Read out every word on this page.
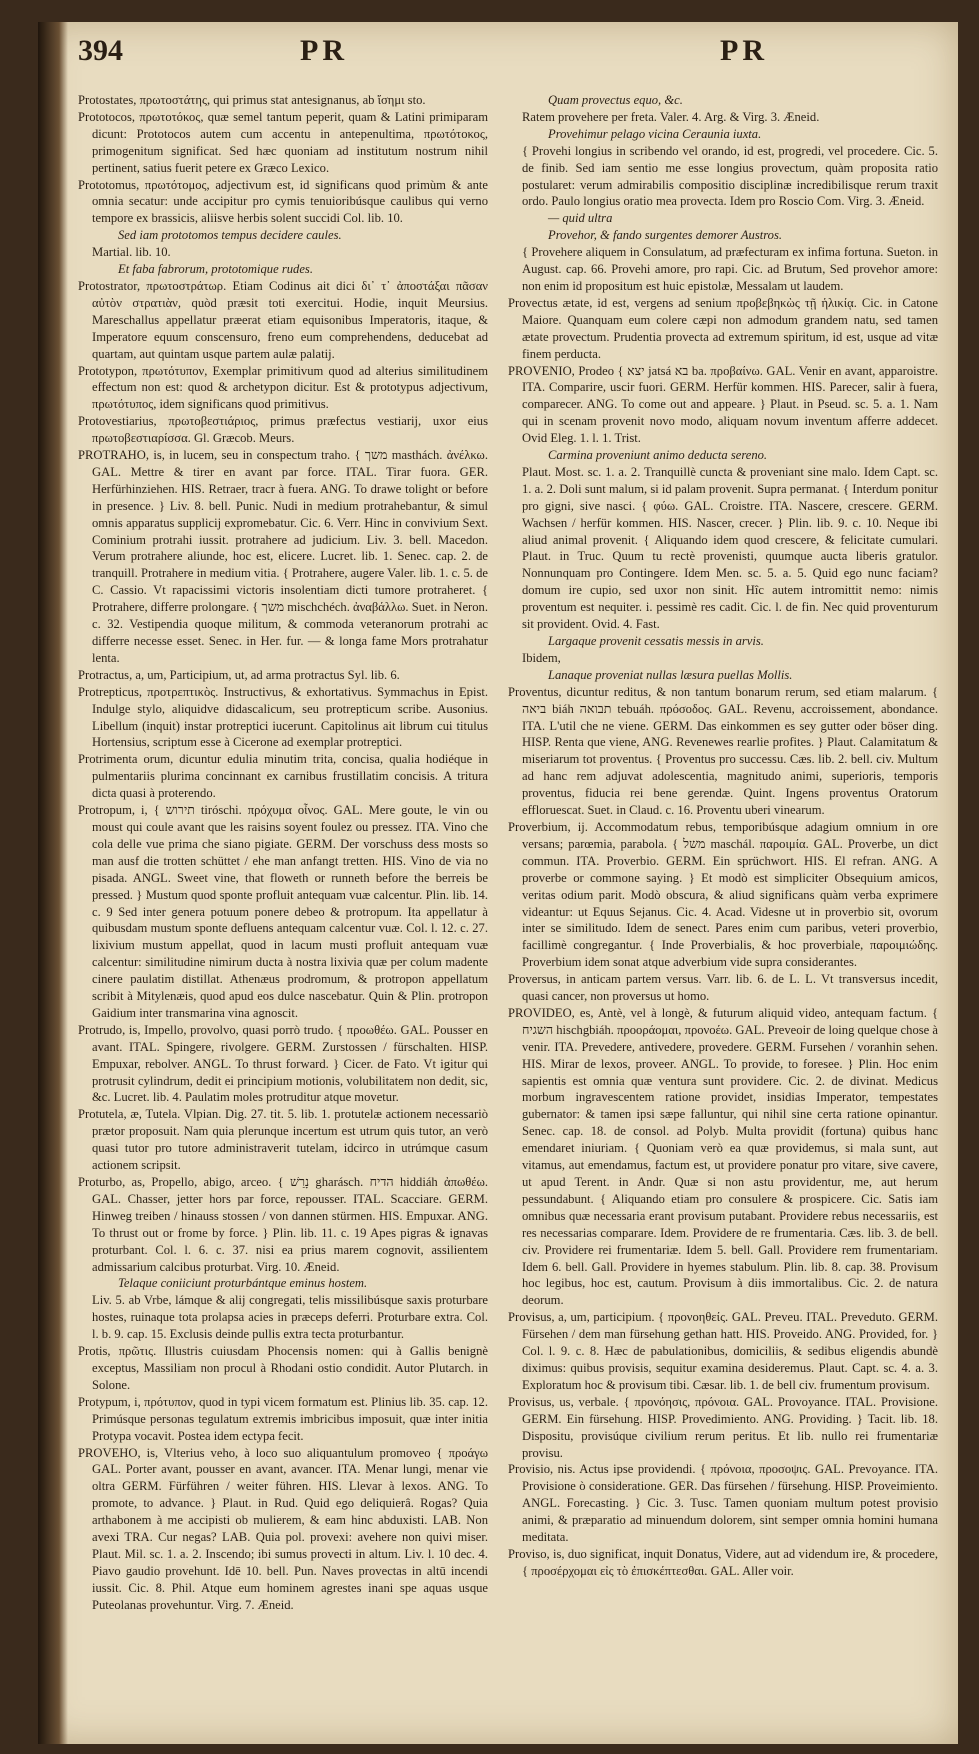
394	PR	PR

Protostates, πρωτοστάτης, qui primus stat antesignanus, ab ἵσημι sto.

Prototocos, πρωτοτόκος, quæ semel tantum peperit, quam & Latini primiparam dicunt: Prototocos autem cum accentu in antepenultima, πρωτότοκος, primogenitum significat. Sed hæc quoniam ad institutum nostrum nihil pertinent, satius fuerit petere ex Græco Lexico.

Prototomus, πρωτότομος, adjectivum est, id significans quod primùm & ante omnia secatur: unde accipitur pro cymis tenuioribúsque caulibus qui verno tempore ex brassicis, aliisve herbis solent succidi Col. lib. 10.

Sed iam prototomos tempus decidere caules.

Martial. lib. 10.

Et faba fabrorum, prototomique rudes.

Protostrator, πρωτοστράτωρ. Etiam Codinus ait dici δι᾽ τ᾽ ἀποστάξαι πᾶσαν αὐτὸν στρατιὰν, quòd præsit toti exercitui. Hodie, inquit Meursius. Mareschallus appellatur præerat etiam equisonibus Imperatoris, itaque, & Imperatore equum conscensuro, freno eum comprehendens, deducebat ad quartam, aut quintam usque partem aulæ palatij.

Prototypon, πρωτότυπον, Exemplar primitivum quod ad alterius similitudinem effectum non est: quod & archetypon dicitur. Est & prototypus adjectivum, πρωτότυπος, idem significans quod primitivus.

Protovestiarius, πρωτοβεστιάριος, primus præfectus vestiarij, uxor eius πρωτοβεστιαρίσσα. Gl. Græcob. Meurs.

PROTRAHO, is, in lucem, seu in conspectum traho. { משך masthách. ἀνέλκω. GAL. Mettre & tirer en avant par force. ITAL. Tirar fuora. GER. Herfürhinziehen. HIS. Retraer, tracr à fuera. ANG. To drawe tolight or before in presence. } Liv. 8. bell. Punic. Nudi in medium protrahebantur, & simul omnis apparatus supplicij expromebatur. Cic. 6. Verr. Hinc in convivium Sext. Cominium protrahi iussit. protrahere ad judicium. Liv. 3. bell. Macedon. Verum protrahere aliunde, hoc est, elicere. Lucret. lib. 1. Senec. cap. 2. de tranquill. Protrahere in medium vitia. { Protrahere, augere Valer. lib. 1. c. 5. de C. Cassio. Vt rapacissimi victoris insolentiam dicti tumore protraheret. { Protrahere, differre prolongare. { משך mischchéch. ἀναβάλλω. Suet. in Neron. c. 32. Vestipendia quoque militum, & commoda veteranorum protrahi ac differre necesse esset. Senec. in Her. fur. — & longa fame Mors protrahatur lenta.

Protractus, a, um, Participium, ut, ad arma protractus Syl. lib. 6.

Protrepticus, προτρεπτικὸς. Instructivus, & exhortativus. Symmachus in Epist. Indulge stylo, aliquidve didascalicum, seu protrepticum scribe. Ausonius. Libellum (inquit) instar protreptici iucerunt. Capitolinus ait librum cui titulus Hortensius, scriptum esse à Cicerone ad exemplar protreptici.

Protrimenta orum, dicuntur edulia minutim trita, concisa, qualia hodiéque in pulmentariis plurima concinnant ex carnibus frustillatim concisis. A tritura dicta quasi à proterendo.

Protropum, i, { תירוש tiróschi. πρόχυμα οἶνος. GAL. Mere goute, le vin ou moust qui coule avant que les raisins soyent foulez ou pressez. ITA. Vino che cola delle vue prima che siano pigiate. GERM. Der vorschuss dess mosts so man ausf die trotten schüttet / ehe man anfangt tretten. HIS. Vino de via no pisada. ANGL. Sweet vine, that floweth or runneth before the berreis be pressed. } Mustum quod sponte profluit antequam vuæ calcentur. Plin. lib. 14. c. 9 Sed inter genera potuum ponere debeo & protropum. Ita appellatur à quibusdam mustum sponte defluens antequam calcentur vuæ. Col. l. 12. c. 27. lixivium mustum appellat, quod in lacum musti profluit antequam vuæ calcentur: similitudine nimirum ducta à nostra lixivia quæ per colum madente cinere paulatim distillat. Athenæus prodromum, & protropon appellatum scribit à Mitylenæis, quod apud eos dulce nascebatur. Quin & Plin. protropon Gaidium inter transmarina vina agnoscit.

Protrudo, is, Impello, provolvo, quasi porrò trudo. { προωθέω. GAL. Pousser en avant. ITAL. Spingere, rivolgere. GERM. Zurstossen / fürschalten. HISP. Empuxar, rebolver. ANGL. To thrust forward. } Cicer. de Fato. Vt igitur qui protrusit cylindrum, dedit ei principium motionis, volubilitatem non dedit, sic, &c. Lucret. lib. 4. Paulatim moles protruditur atque movetur.

Protutela, æ, Tutela. Vlpian. Dig. 27. tit. 5. lib. 1. protutelæ actionem necessariò prætor proposuit. Nam quia plerunque incertum est utrum quis tutor, an verò quasi tutor pro tutore administraverit tutelam, idcirco in utrúmque casum actionem scripsit.

Proturbo, as, Propello, abigo, arceo. { נָרַשׁ gharásch. הדיח hiddiáh ἀπωθέω. GAL. Chasser, jetter hors par force, repousser. ITAL. Scacciare. GERM. Hinweg treiben / hinauss stossen / von dannen stürmen. HIS. Empuxar. ANG. To thrust out or frome by force. } Plin. lib. 11. c. 19 Apes pigras & ignavas proturbant. Col. l. 6. c. 37. nisi ea prius marem cognovit, assilientem admissarium calcibus proturbat. Virg. 10. Æneid.

Telaque coniiciunt proturbántque eminus hostem.

Liv. 5. ab Vrbe, lámque & alij congregati, telis missilibúsque saxis proturbare hostes, ruinaque tota prolapsa acies in præceps deferri. Proturbare extra. Col. l. b. 9. cap. 15. Exclusis deinde pullis extra tecta proturbantur.

Protis, πρῶτις. Illustris cuiusdam Phocensis nomen: qui à Gallis benignè exceptus, Massiliam non procul à Rhodani ostio condidit. Autor Plutarch. in Solone.

Protypum, i, πρότυπον, quod in typi vicem formatum est. Plinius lib. 35. cap. 12. Primúsque personas tegulatum extremis imbricibus imposuit, quæ inter initia Protypa vocavit. Postea idem ectypa fecit.

PROVEHO, is, Vlterius veho, à loco suo aliquantulum promoveo { προάγω GAL. Porter avant, pousser en avant, avancer. ITA. Menar lungi, menar vie oltra GERM. Fürführen / weiter führen. HIS. Llevar à lexos. ANG. To promote, to advance. } Plaut. in Rud. Quid ego deliquierâ. Rogas? Quia arthabonem à me accipisti ob mulierem, & eam hinc abduxisti. LAB. Non avexi TRA. Cur negas? LAB. Quia pol. provexi: avehere non quivi miser. Plaut. Mil. sc. 1. a. 2. Inscendo; ibi sumus provecti in altum. Liv. l. 10 dec. 4. Piavo gaudio provehunt. Idē 10. bell. Pun. Naves provectas in altū incendi iussit. Cic. 8. Phil. Atque eum hominem agrestes inani spe aquas usque Puteolanas provehuntur. Virg. 7. Æneid.

Quam provectus equo, &c.

Ratem provehere per freta. Valer. 4. Arg. & Virg. 3. Æneid.

Provehimur pelago vicina Ceraunia iuxta.

{ Provehi longius in scribendo vel orando, id est, progredi, vel procedere. Cic. 5. de finib. Sed iam sentio me esse longius provectum, quàm proposita ratio postularet: verum admirabilis compositio disciplinæ incredibilisque rerum traxit ordo. Paulo longius oratio mea provecta. Idem pro Roscio Com. Virg. 3. Æneid.

— quid ultra

Provehor, & fando surgentes demorer Austros.

{ Provehere aliquem in Consulatum, ad præfecturam ex infima fortuna. Sueton. in August. cap. 66. Provehi amore, pro rapi. Cic. ad Brutum, Sed provehor amore: non enim id propositum est huic epistolæ, Messalam ut laudem.

Provectus ætate, id est, vergens ad senium προβεβηκὼς τῇ ἡλικίᾳ. Cic. in Catone Maiore. Quanquam eum colere cæpi non admodum grandem natu, sed tamen ætate provectum. Prudentia provecta ad extremum spiritum, id est, usque ad vitæ finem perducta.

PROVENIO, Prodeo { יצא jatsá בא ba. προβαίνω. GAL. Venir en avant, apparoistre. ITA. Comparire, uscir fuori. GERM. Herfür kommen. HIS. Parecer, salir à fuera, comparecer. ANG. To come out and appeare. } Plaut. in Pseud. sc. 5. a. 1. Nam qui in scenam provenit novo modo, aliquam novum inventum afferre addecet. Ovid Eleg. 1. l. 1. Trist.

Carmina proveniunt animo deducta sereno.

Plaut. Most. sc. 1. a. 2. Tranquillè cuncta & proveniant sine malo. Idem Capt. sc. 1. a. 2. Doli sunt malum, si id palam provenit. Supra permanat. { Interdum ponitur pro gigni, sive nasci. { φύω. GAL. Croistre. ITA. Nascere, crescere. GERM. Wachsen / herfür kommen. HIS. Nascer, crecer. } Plin. lib. 9. c. 10. Neque ibi aliud animal provenit. { Aliquando idem quod crescere, & felicitate cumulari. Plaut. in Truc. Quum tu rectè provenisti, quumque aucta liberis gratulor. Nonnunquam pro Contingere. Idem Men. sc. 5. a. 5. Quid ego nunc faciam? domum ire cupio, sed uxor non sinit. Hîc autem intromittit nemo: nimis proventum est nequiter. i. pessimè res cadit. Cic. l. de fin. Nec quid proventurum sit provident. Ovid. 4. Fast.

Largaque provenit cessatis messis in arvis.

Ibidem,

Lanaque proveniat nullas læsura puellas Mollis.

Proventus, dicuntur reditus, & non tantum bonarum rerum, sed etiam malarum. { ביאה biáh תבואה tebuáh. πρόσοδος. GAL. Revenu, accroissement, abondance. ITA. L'util che ne viene. GERM. Das einkommen es sey gutter oder böser ding. HISP. Renta que viene, ANG. Revenewes rearlie profites. } Plaut. Calamitatum & miseriarum tot proventus. { Proventus pro successu. Cæs. lib. 2. bell. civ. Multum ad hanc rem adjuvat adolescentia, magnitudo animi, superioris, temporis proventus, fiducia rei bene gerendæ. Quint. Ingens proventus Oratorum effloruescat. Suet. in Claud. c. 16. Proventu uberi vinearum.

Proverbium, ij. Accommodatum rebus, temporibúsque adagium omnium in ore versans; parœmia, parabola. { משל maschál. παροιμία. GAL. Proverbe, un dict commun. ITA. Proverbio. GERM. Ein sprüchwort. HIS. El refran. ANG. A proverbe or commone saying. } Et modò est simpliciter Obsequium amicos, veritas odium parit. Modò obscura, & aliud significans quàm verba exprimere videantur: ut Equus Sejanus. Cic. 4. Acad. Videsne ut in proverbio sit, ovorum inter se similitudo. Idem de senect. Pares enim cum paribus, veteri proverbio, facillimè congregantur. { Inde Proverbialis, & hoc proverbiale, παροιμιώδης. Proverbium idem sonat atque adverbium vide supra considerantes.

Proversus, in anticam partem versus. Varr. lib. 6. de L. L. Vt transversus incedit, quasi cancer, non proversus ut homo.

PROVIDEO, es, Antè, vel à longè, & futurum aliquid video, antequam factum. { השגיח hischgbiáh. προοράομαι, προνοέω. GAL. Preveoir de loing quelque chose à venir. ITA. Prevedere, antivedere, provedere. GERM. Fursehen / voranhin sehen. HIS. Mirar de lexos, proveer. ANGL. To provide, to foresee. } Plin. Hoc enim sapientis est omnia quæ ventura sunt providere. Cic. 2. de divinat. Medicus morbum ingravescentem ratione providet, insidias Imperator, tempestates gubernator: & tamen ipsi sæpe falluntur, qui nihil sine certa ratione opinantur. Senec. cap. 18. de consol. ad Polyb. Multa providit (fortuna) quibus hanc emendaret iniuriam. { Quoniam verò ea quæ providemus, si mala sunt, aut vitamus, aut emendamus, factum est, ut providere ponatur pro vitare, sive cavere, ut apud Terent. in Andr. Quæ si non astu providentur, me, aut herum pessundabunt. { Aliquando etiam pro consulere & prospicere. Cic. Satis iam omnibus quæ necessaria erant provisum putabant. Providere rebus necessariis, est res necessarias comparare. Idem. Providere de re frumentaria. Cæs. lib. 3. de bell. civ. Providere rei frumentariæ. Idem 5. bell. Gall. Providere rem frumentariam. Idem 6. bell. Gall. Providere in hyemes stabulum. Plin. lib. 8. cap. 38. Provisum hoc legibus, hoc est, cautum. Provisum à diis immortalibus. Cic. 2. de natura deorum.

Provisus, a, um, participium. { προνοηθείς. GAL. Preveu. ITAL. Preveduto. GERM. Fürsehen / dem man fürsehung gethan hatt. HIS. Proveido. ANG. Provided, for. } Col. l. 9. c. 8. Hæc de pabulationibus, domiciliis, & sedibus eligendis abundè diximus: quibus provisis, sequitur examina desideremus. Plaut. Capt. sc. 4. a. 3. Exploratum hoc & provisum tibi. Cæsar. lib. 1. de bell civ. frumentum provisum.

Provisus, us, verbale. { προνόησις, πρόνοια. GAL. Provoyance. ITAL. Provisione. GERM. Ein fürsehung. HISP. Provedimiento. ANG. Providing. } Tacit. lib. 18. Dispositu, provisúque civilium rerum peritus. Et lib. nullo rei frumentariæ provisu.

Provisio, nis. Actus ipse providendi. { πρόνοια, προσοψις. GAL. Prevoyance. ITA. Provisione ò consideratione. GER. Das fürsehen / fürsehung. HISP. Proveimiento. ANGL. Forecasting. } Cic. 3. Tusc. Tamen quoniam multum potest provisio animi, & præparatio ad minuendum dolorem, sint semper omnia homini humana meditata.

Proviso, is, duo significat, inquit Donatus, Videre, aut ad videndum ire, & procedere, { προσέρχομαι εἰς τὸ ἐπισκέπτεσθαι. GAL. Aller voir.
